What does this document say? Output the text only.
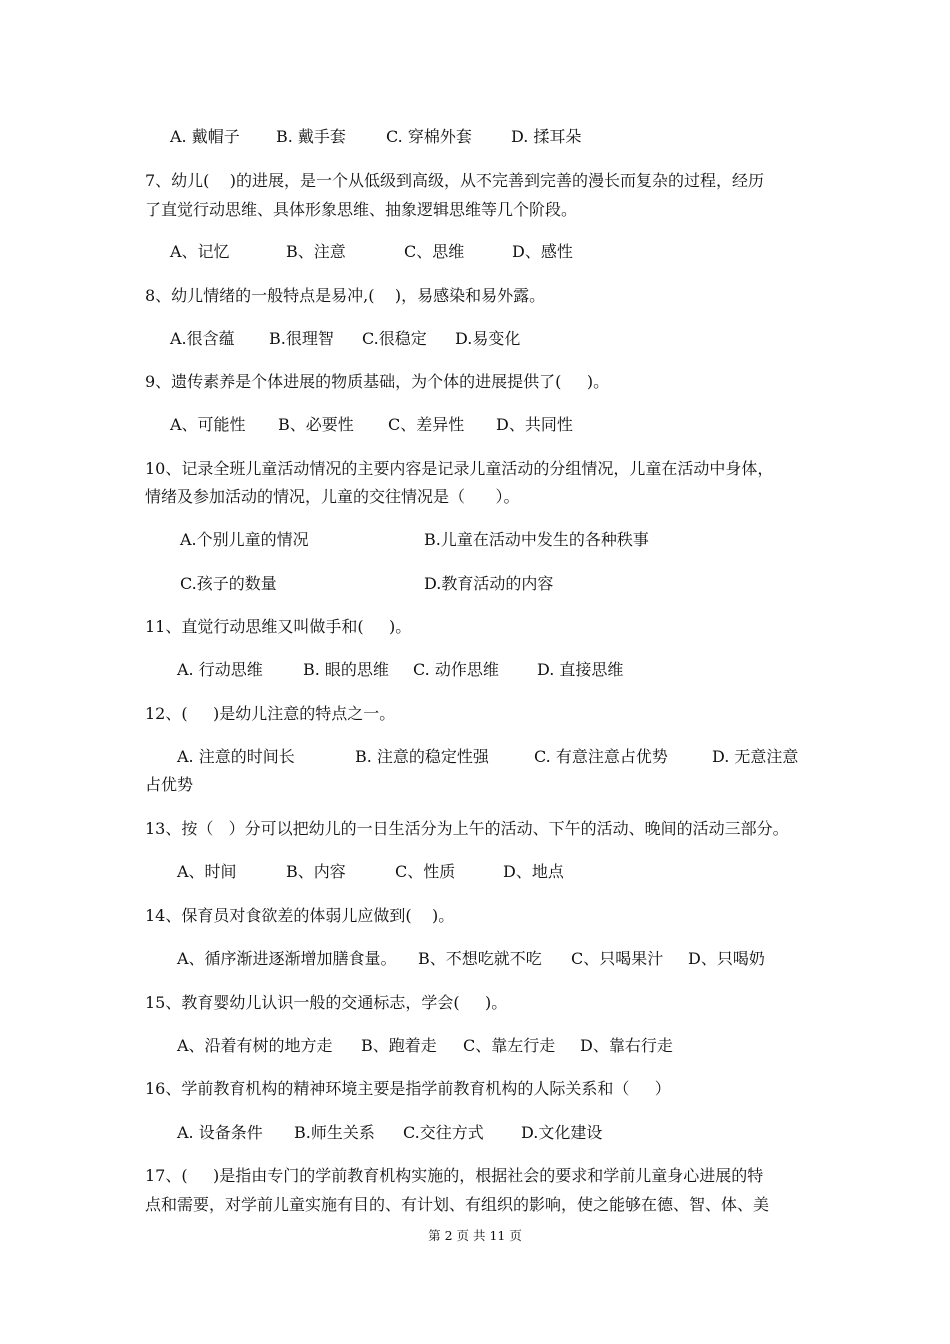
A. 戴帽子 B. 戴手套	C. 穿棉外套 D. 揉耳朵
7、幼儿(    )的进展，是一个从低级到高级，从不完善到完善的漫长而复杂的过程，经历
了直觉行动思维、具体形象思维、抽象逻辑思维等几个阶段。
A、记忆	B、注意	C、思维	D、感性
8、幼儿情绪的一般特点是易冲,(    )，易感染和易外露。
A.很含蕴 B.很理智 C.很稳定 D.易变化
9、遗传素养是个体进展的物质基础，为个体的进展提供了(     )。
A、可能性 B、必要性 C、差异性 D、共同性
10、记录全班儿童活动情况的主要内容是记录儿童活动的分组情况，儿童在活动中身体，
情绪及参加活动的情况，儿童的交往情况是（      ）。
A.个别儿童的情况	B.儿童在活动中发生的各种秩事
C.孩子的数量	D.教育活动的内容
11、直觉行动思维又叫做手和(     )。
A. 行动思维	B. 眼的思维 C. 动作思维 D. 直接思维
12、(     )是幼儿注意的特点之一。
A. 注意的时间长	B. 注意的稳定性强	C. 有意注意占优势	D. 无意注意
占优势
13、按（   ）分可以把幼儿的一日生活分为上午的活动、下午的活动、晚间的活动三部分。
A、时间	B、内容	C、性质	D、地点
14、保育员对食欲差的体弱儿应做到(    )。
A、循序渐进逐渐增加膳食量。 B、不想吃就不吃 C、只喝果汁 D、只喝奶
15、教育婴幼儿认识一般的交通标志，学会(     )。
A、沿着有树的地方走 B、跑着走 C、靠左行走 D、靠右行走
16、学前教育机构的精神环境主要是指学前教育机构的人际关系和（     ）
A. 设备条件 B.师生关系 C.交往方式 D.文化建设
17、(     )是指由专门的学前教育机构实施的，根据社会的要求和学前儿童身心进展的特
点和需要，对学前儿童实施有目的、有计划、有组织的影响，使之能够在德、智、体、美
第 2 页 共 11 页
